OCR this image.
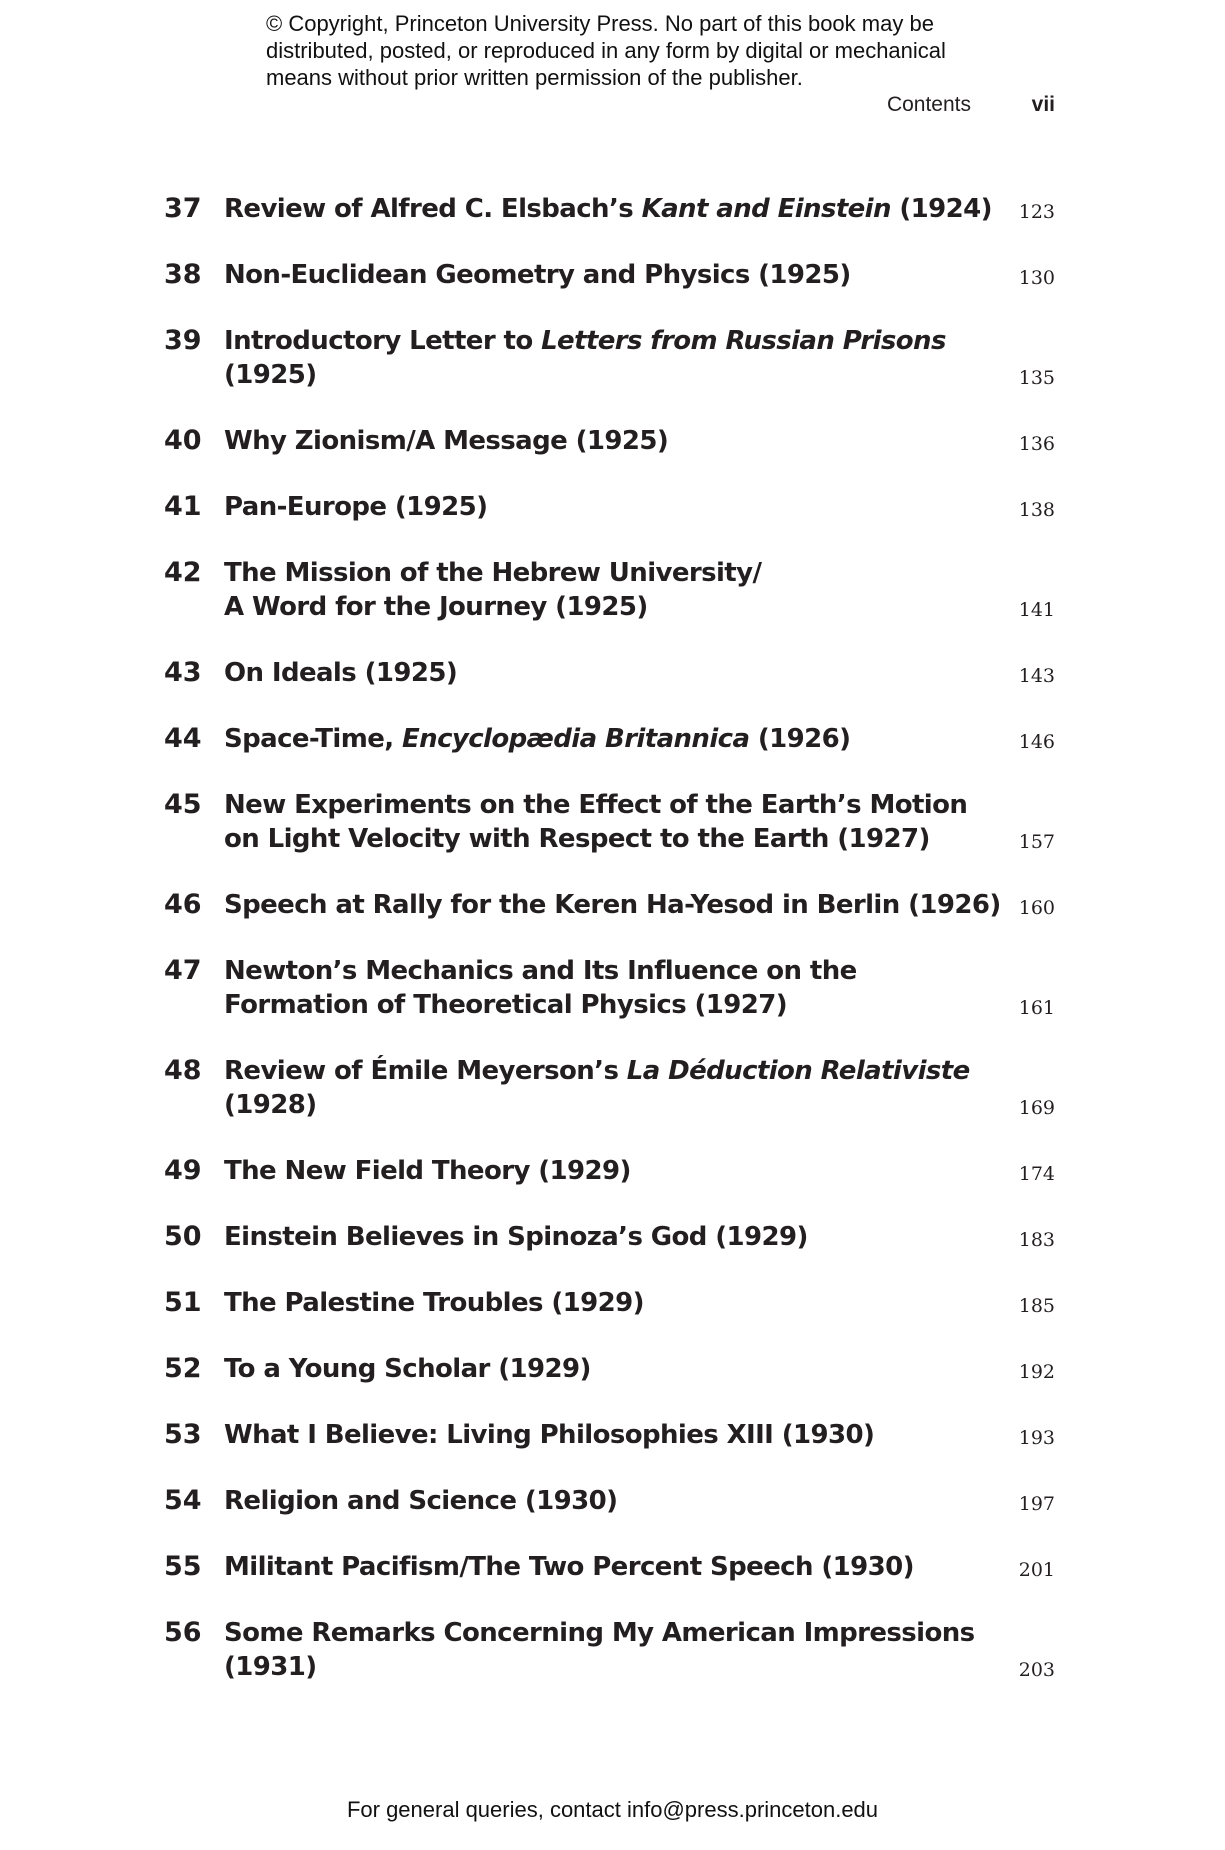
© Copyright, Princeton University Press. No part of this book may be
distributed, posted, or reproduced in any form by digital or mechanical
means without prior written permission of the publisher.
Contents	vii
37 Review of Alfred C. Elsbach’s Kant and Einstein (1924) 123
38 Non-Euclidean Geometry and Physics (1925)	130
39 Introductory Letter to Letters from Russian Prisons
(1925)	135
40 Why Zionism/A Message (1925)	136
41 Pan-Europe (1925)	138
42 The Mission of the Hebrew University/
A Word for the Journey (1925)	141
43 On Ideals (1925)	143
44 Space-Time, Encyclopædia Britannica (1926)	146
45 New Experiments on the Effect of the Earth’s Motion
on Light Velocity with Respect to the Earth (1927)	157
46 Speech at Rally for the Keren Ha-Yesod in Berlin (1926) 160
47 Newton’s Mechanics and Its Influence on the
Formation of Theoretical Physics (1927)	161
48 Review of Émile Meyerson’s La Déduction Relativiste
(1928)	169
49 The New Field Theory (1929)	174
50 Einstein Believes in Spinoza’s God (1929)	183
51 The Palestine Troubles (1929)	185
52 To a Young Scholar (1929)	192
53 What I Believe: Living Philosophies XIII (1930)	193
54 Religion and Science (1930)	197
55 Militant Pacifism/The Two Percent Speech (1930)	201
56 Some Remarks Concerning My American Impressions
(1931)	203
For general queries, contact info@press.princeton.edu
